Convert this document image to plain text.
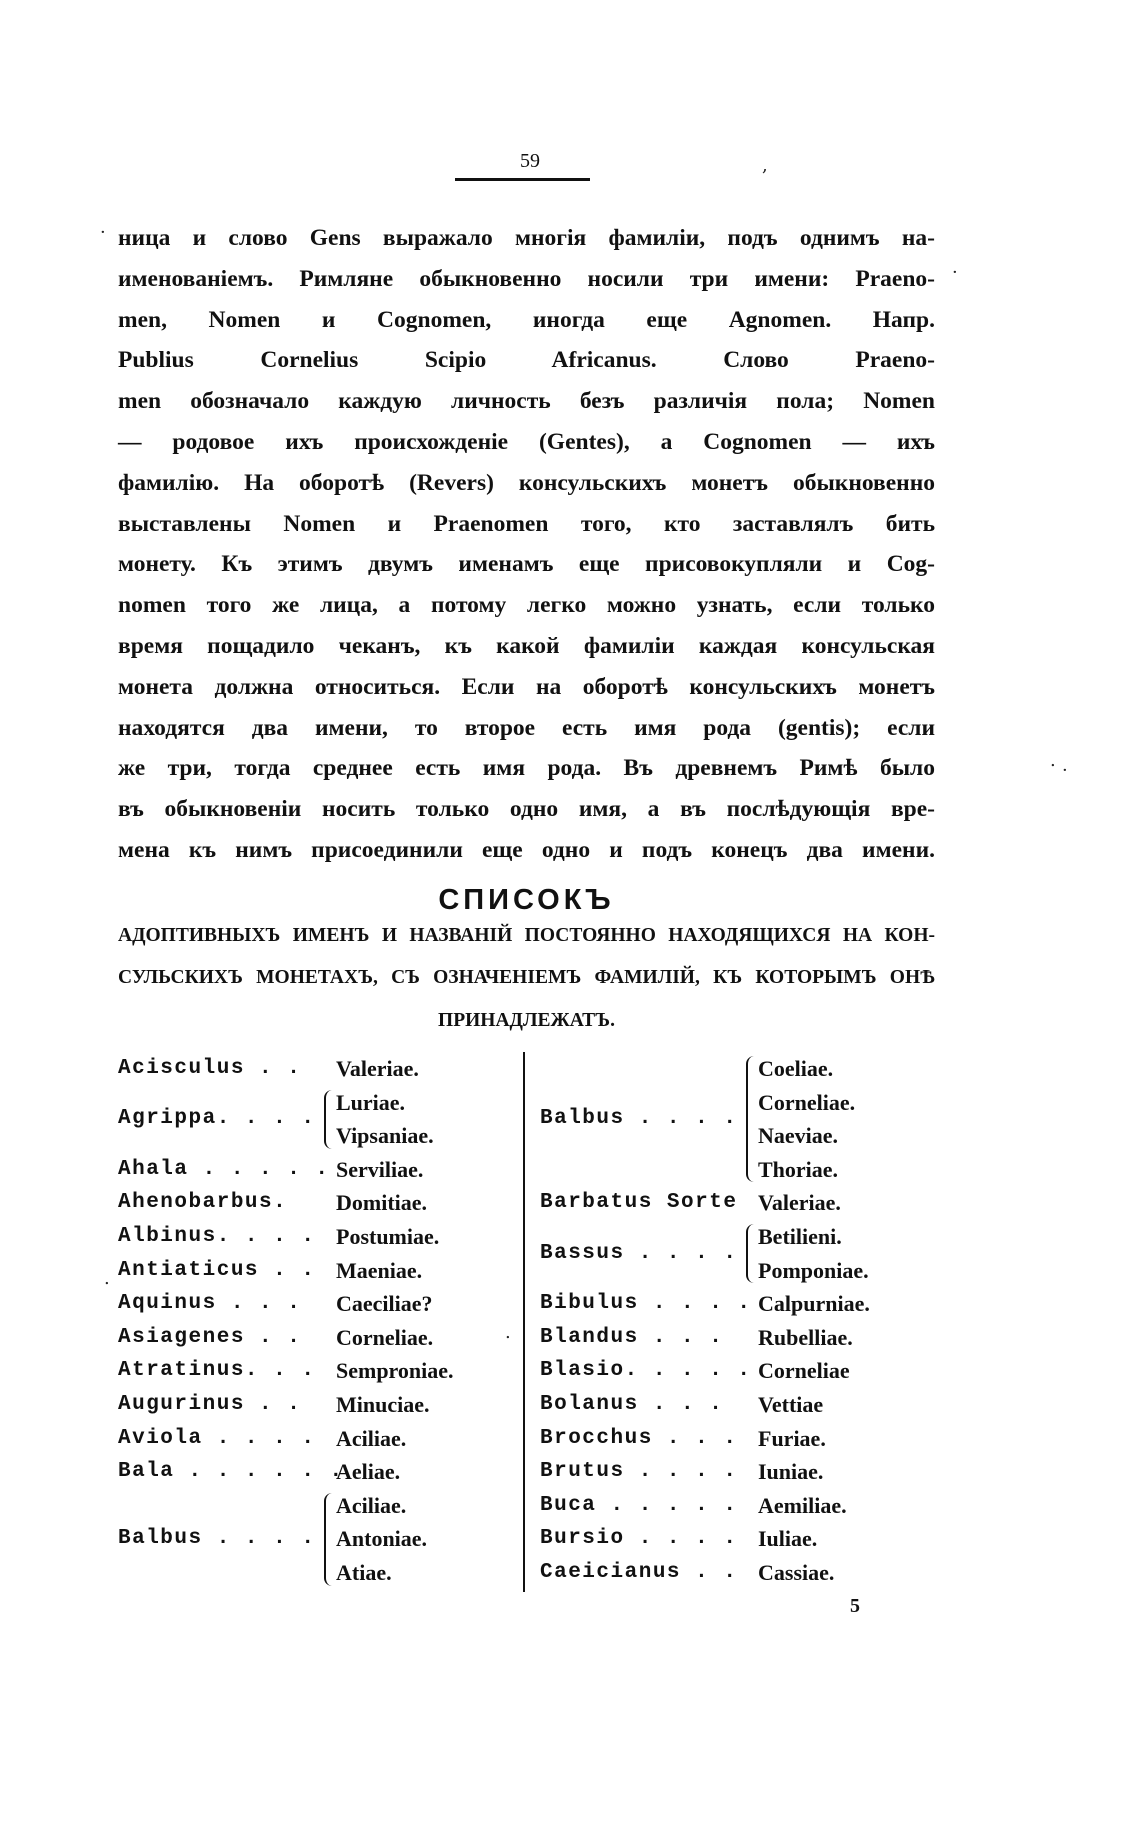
59	,
·
·
. ·
.
.
ница и слово Gens выражало многія фамиліи, подъ однимъ на-
именованіемъ. Римляне обыкновенно носили три имени: Praeno-
men, Nomen и Cognomen, иногда еще Agnomen. Напр.
Publius Cornelius Scipio Africanus. Слово Praeno-
men обозначало каждую личность безъ различія пола; Nomen
— родовое ихъ происхожденіе (Gentes), а Cognomen — ихъ
фамилію. На оборотѣ (Revers) консульскихъ монетъ обыкновенно
выставлены Nomen и Praenomen того, кто заставлялъ бить
монету. Къ этимъ двумъ именамъ еще присовокупляли и Cog-
nomen того же лица, а потому легко можно узнать, если только
время пощадило чеканъ, къ какой фамиліи каждая консульская
монета должна относиться. Если на оборотѣ консульскихъ монетъ
находятся два имени, то второе есть имя рода (gentis); если
же три, тогда среднее есть имя рода. Въ древнемъ Римѣ было
въ обыкновеніи носить только одно имя, а въ послѣдующія вре-
мена къ нимъ присоединили еще одно и подъ конецъ два имени.
СПИСОКЪ
АДОПТИВНЫХЪ ИМЕНЪ И НАЗВАНІЙ ПОСТОЯННО НАХОДЯЩИХСЯ НА КОН-
СУЛЬСКИХЪ МОНЕТАХЪ, СЪ ОЗНАЧЕНІЕМЪ ФАМИЛІЙ, КЪ КОТОРЫМЪ ОНѢ
ПРИНАДЛЕЖАТЪ.
Acisculus . . Valeriae.
Agrippa. . . .
Luriae.
Vipsaniae.
Ahala . . . . . Serviliae.
Ahenobarbus. Domitiae.
Albinus. . . . Postumiae.
Antiaticus . . Maeniae.
Aquinus . . . Caeciliae?
Asiagenes . . Corneliae.
Atratinus. . . Semproniae.
Augurinus . . Minuciae.
Aviola . . . . Aciliae.
Bala . . . . . .
Aeliae.
Balbus . . . .
Aciliae.
Antoniae.
Atiae.
Balbus . . . .
Coeliae.
Corneliae.
Naeviae.
Thoriae.
Barbatus Sorte Valeriae.
Bassus . . . .
Betilieni.
Pomponiae.
Bibulus . . . . Calpurniae.
Blandus . . . Rubelliae.
Blasio. . . . . Corneliae
Bolanus . . . Vettiae
Brocchus . . . Furiae.
Brutus . . . . Iuniae.
Buca . . . . . Aemiliae.
Bursio . . . . Iuliae.
Caeicianus . . Cassiae.
5
